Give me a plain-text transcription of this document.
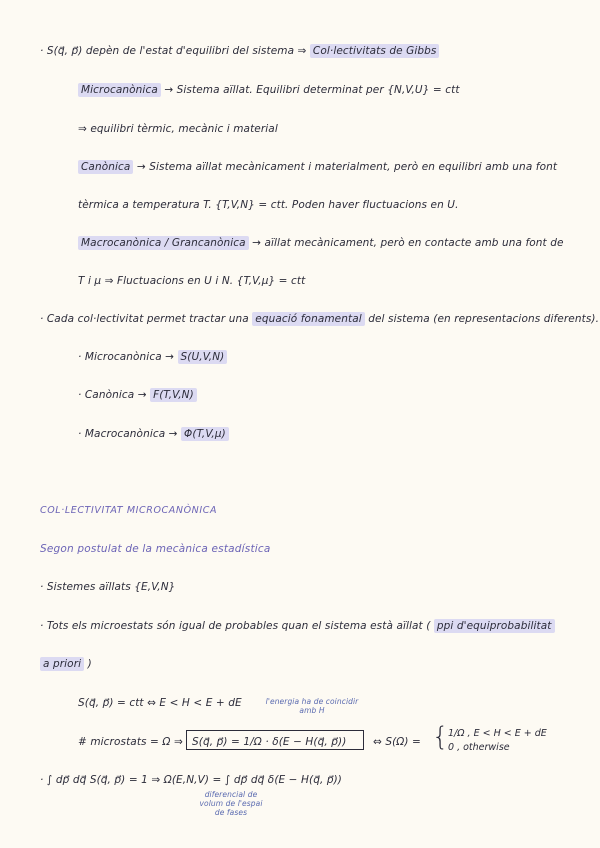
· S(q⃗, p⃗) depèn de l'estat d'equilibri del sistema ⇒ Col·lectivitats de Gibbs
Microcanònica → Sistema aïllat. Equilibri determinat per {N,V,U} = ctt
⇒ equilibri tèrmic, mecànic i material
Canònica → Sistema aïllat mecànicament i materialment, però en equilibri amb una font
tèrmica a temperatura T. {T,V,N} = ctt. Poden haver fluctuacions en U.
Macrocanònica / Grancanònica → aïllat mecànicament, però en contacte amb una font de
T i μ ⇒ Fluctuacions en U i N. {T,V,μ} = ctt
· Cada col·lectivitat permet tractar una equació fonamental del sistema (en representacions diferents).
· Microcanònica → S(U,V,N)
· Canònica → F(T,V,N)
· Macrocanònica → Φ(T,V,μ)
COL·LECTIVITAT MICROCANÒNICA
Segon postulat de la mecànica estadística
· Sistemes aïllats {E,V,N}
· Tots els microestats són igual de probables quan el sistema està aïllat ( ppi d'equiprobabilitat
a priori )
l'energia ha de coincidir amb H
S(q⃗, p⃗) = ctt ⇔ E < H < E + dE
# microstats = Ω ⇒ S(q⃗, p⃗) = 1/Ω · δ(E − H(q⃗, p⃗))	⇔ S(Ω) = { 1/Ω , E < H < E + dE
0 , otherwise
· ∫ dp⃗ dq⃗ S(q⃗, p⃗) = 1 ⇒ Ω(E,N,V) = ∫ dp⃗ dq⃗ δ(E − H(q⃗, p⃗))
diferencial de
volum de l'espai
de fases
